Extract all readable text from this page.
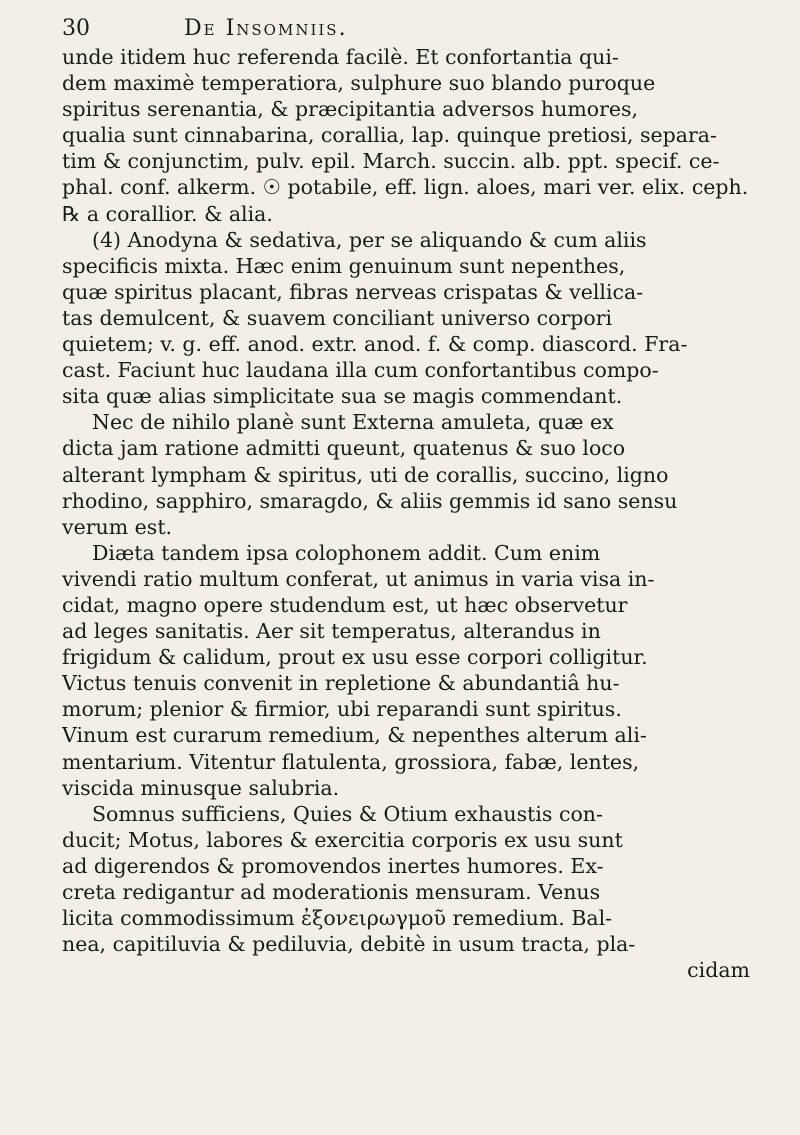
30	De Insomniis.
unde itidem huc referenda facilè. Et confortantia qui-
dem maximè temperatiora, sulphure suo blando puroque
spiritus serenantia, & præcipitantia adversos humores,
qualia sunt cinnabarina, corallia, lap. quinque pretiosi, separa-
tim & conjunctim, pulv. epil. March. succin. alb. ppt. specif. ce-
phal. conf. alkerm. ☉ potabile, eff. lign. aloes, mari ver. elix. ceph.
℞ a corallior. & alia.
(4) Anodyna & sedativa, per se aliquando & cum aliis
specificis mixta. Hæc enim genuinum sunt nepenthes,
quæ spiritus placant, fibras nerveas crispatas & vellica-
tas demulcent, & suavem conciliant universo corpori
quietem; v. g. eff. anod. extr. anod. f. & comp. diascord. Fra-
cast. Faciunt huc laudana illa cum confortantibus compo-
sita quæ alias simplicitate sua se magis commendant.
Nec de nihilo planè sunt Externa amuleta, quæ ex
dicta jam ratione admitti queunt, quatenus & suo loco
alterant lympham & spiritus, uti de corallis, succino, ligno
rhodino, sapphiro, smaragdo, & aliis gemmis id sano sensu
verum est.
Diæta tandem ipsa colophonem addit. Cum enim
vivendi ratio multum conferat, ut animus in varia visa in-
cidat, magno opere studendum est, ut hæc observetur
ad leges sanitatis. Aer sit temperatus, alterandus in
frigidum & calidum, prout ex usu esse corpori colligitur.
Victus tenuis convenit in repletione & abundantiâ hu-
morum; plenior & firmior, ubi reparandi sunt spiritus.
Vinum est curarum remedium, & nepenthes alterum ali-
mentarium. Vitentur flatulenta, grossiora, fabæ, lentes,
viscida minusque salubria.
Somnus sufficiens, Quies & Otium exhaustis con-
ducit; Motus, labores & exercitia corporis ex usu sunt
ad digerendos & promovendos inertes humores. Ex-
creta redigantur ad moderationis mensuram. Venus
licita commodissimum ἐξονειρωγμοῦ remedium. Bal-
nea, capitiluvia & pediluvia, debitè in usum tracta, pla-
cidam
